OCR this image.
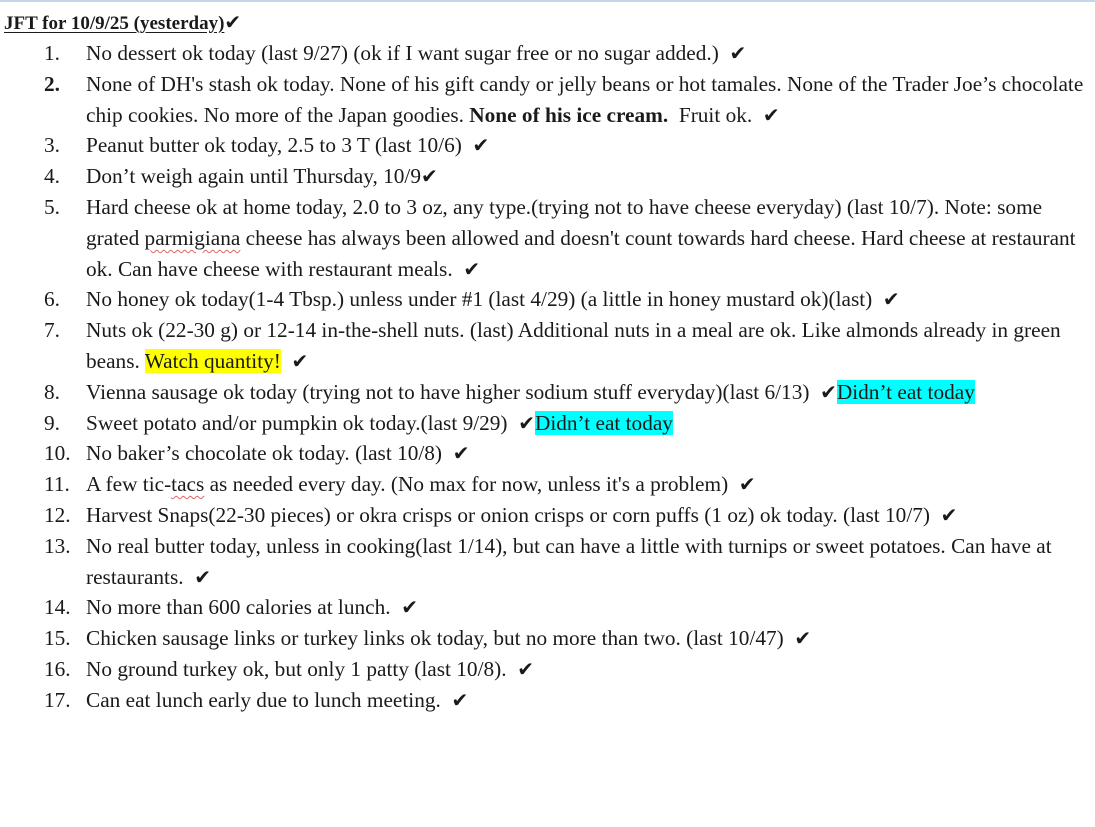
JFT for 10/9/25 (yesterday)✔
1.	No dessert ok today (last 9/27) (ok if I want sugar free or no sugar added.) ✔
2.	None of DH's stash ok today. None of his gift candy or jelly beans or hot tamales. None of the Trader Joe’s chocolate chip cookies. No more of the Japan goodies. None of his ice cream. Fruit ok. ✔
3.	Peanut butter ok today, 2.5 to 3 T (last 10/6) ✔
4.	Don’t weigh again until Thursday, 10/9✔
5.	Hard cheese ok at home today, 2.0 to 3 oz, any type.(trying not to have cheese everyday) (last 10/7). Note: some grated parmigiana cheese has always been allowed and doesn't count towards hard cheese. Hard cheese at restaurant ok. Can have cheese with restaurant meals. ✔
6.	No honey ok today(1-4 Tbsp.) unless under #1 (last 4/29) (a little in honey mustard ok)(last) ✔
7.	Nuts ok (22-30 g) or 12-14 in-the-shell nuts. (last) Additional nuts in a meal are ok. Like almonds already in green beans. Watch quantity! ✔
8.	Vienna sausage ok today (trying not to have higher sodium stuff everyday)(last 6/13) ✔Didn’t eat today
9.	Sweet potato and/or pumpkin ok today.(last 9/29) ✔Didn’t eat today
10. No baker’s chocolate ok today. (last 10/8) ✔
11. A few tic-tacs as needed every day. (No max for now, unless it's a problem) ✔
12. Harvest Snaps(22-30 pieces) or okra crisps or onion crisps or corn puffs (1 oz) ok today. (last 10/7) ✔
13. No real butter today, unless in cooking(last 1/14), but can have a little with turnips or sweet potatoes. Can have at restaurants. ✔
14. No more than 600 calories at lunch. ✔
15. Chicken sausage links or turkey links ok today, but no more than two. (last 10/47) ✔
16. No ground turkey ok, but only 1 patty (last 10/8). ✔
17. Can eat lunch early due to lunch meeting. ✔
